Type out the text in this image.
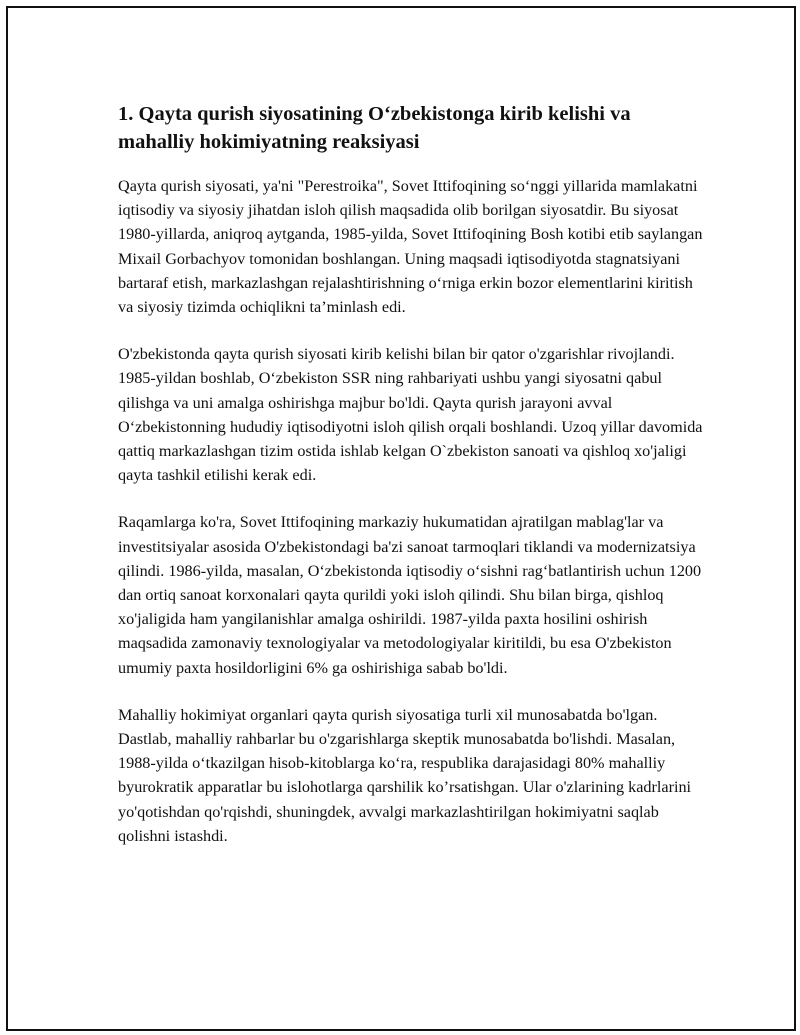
1. Qayta qurish siyosatining O‘zbekistonga kirib kelishi va mahalliy hokimiyatning reaksiyasi

Qayta qurish siyosati, ya'ni "Perestroika", Sovet Ittifoqining so‘nggi yillarida mamlakatni iqtisodiy va siyosiy jihatdan isloh qilish maqsadida olib borilgan siyosatdir. Bu siyosat 1980-yillarda, aniqroq aytganda, 1985-yilda, Sovet Ittifoqining Bosh kotibi etib saylangan Mixail Gorbachyov tomonidan boshlangan. Uning maqsadi iqtisodiyotda stagnatsiyani bartaraf etish, markazlashgan rejalashtirishning o‘rniga erkin bozor elementlarini kiritish va siyosiy tizimda ochiqlikni ta’minlash edi.

O'zbekistonda qayta qurish siyosati kirib kelishi bilan bir qator o'zgarishlar rivojlandi. 1985-yildan boshlab, O‘zbekiston SSR ning rahbariyati ushbu yangi siyosatni qabul qilishga va uni amalga oshirishga majbur bo'ldi. Qayta qurish jarayoni avval O‘zbekistonning hududiy iqtisodiyotni isloh qilish orqali boshlandi. Uzoq yillar davomida qattiq markazlashgan tizim ostida ishlab kelgan O`zbekiston sanoati va qishloq xo'jaligi qayta tashkil etilishi kerak edi.

Raqamlarga ko'ra, Sovet Ittifoqining markaziy hukumatidan ajratilgan mablag'lar va investitsiyalar asosida O'zbekistondagi ba'zi sanoat tarmoqlari tiklandi va modernizatsiya qilindi. 1986-yilda, masalan, O‘zbekistonda iqtisodiy o‘sishni rag‘batlantirish uchun 1200 dan ortiq sanoat korxonalari qayta qurildi yoki isloh qilindi. Shu bilan birga, qishloq xo'jaligida ham yangilanishlar amalga oshirildi. 1987-yilda paxta hosilini oshirish maqsadida zamonaviy texnologiyalar va metodologiyalar kiritildi, bu esa O'zbekiston umumiy paxta hosildorligini 6% ga oshirishiga sabab bo'ldi.

Mahalliy hokimiyat organlari qayta qurish siyosatiga turli xil munosabatda bo'lgan. Dastlab, mahalliy rahbarlar bu o'zgarishlarga skeptik munosabatda bo'lishdi. Masalan, 1988-yilda o‘tkazilgan hisob-kitoblarga ko‘ra, respublika darajasidagi 80% mahalliy byurokratik apparatlar bu islohotlarga qarshilik ko’rsatishgan. Ular o'zlarining kadrlarini yo'qotishdan qo'rqishdi, shuningdek, avvalgi markazlashtirilgan hokimiyatni saqlab qolishni istashdi.
